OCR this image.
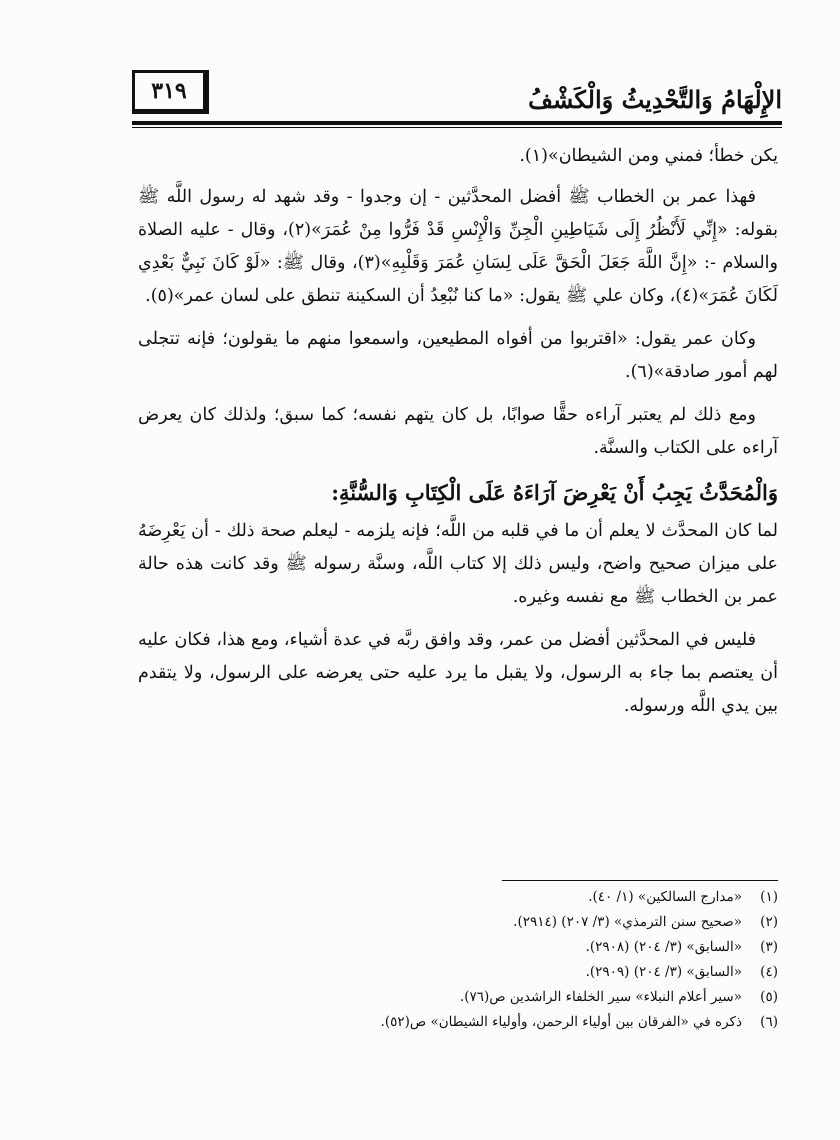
الإِلْهَامُ وَالتَّحْدِيثُ وَالْكَشْفُ
٣١٩

يكن خطأ؛ فمني ومن الشيطان»(١).

فهذا عمر بن الخطاب ﷺ أفضل المحدَّثين - إن وجدوا - وقد شهد له رسول اللَّه ﷺ بقوله: «إِنِّي لَأَنْظُرُ إِلَى شَيَاطِينِ الْجِنِّ وَالْإِنْسِ قَدْ فَرُّوا مِنْ عُمَرَ»(٢)، وقال - عليه الصلاة والسلام -: «إِنَّ اللَّهَ جَعَلَ الْحَقَّ عَلَى لِسَانِ عُمَرَ وَقَلْبِهِ»(٣)، وقال ﷺ: «لَوْ كَانَ نَبِيٌّ بَعْدِي لَكَانَ عُمَرَ»(٤)، وكان علي ﷺ يقول: «ما كنا نُبْعِدُ أن السكينة تنطق على لسان عمر»(٥).

وكان عمر يقول: «اقتربوا من أفواه المطيعين، واسمعوا منهم ما يقولون؛ فإنه تتجلى لهم أمور صادقة»(٦).

ومع ذلك لم يعتبر آراءه حقًّا صوابًا، بل كان يتهم نفسه؛ كما سبق؛ ولذلك كان يعرض آراءه على الكتاب والسنَّة.

وَالْمُحَدَّثُ يَجِبُ أَنْ يَعْرِضَ آرَاءَهُ عَلَى الْكِتَابِ وَالسُّنَّةِ:

لما كان المحدَّث لا يعلم أن ما في قلبه من اللَّه؛ فإنه يلزمه - ليعلم صحة ذلك - أن يَعْرِضَهُ على ميزان صحيح واضح، وليس ذلك إلا كتاب اللَّه، وسنَّة رسوله ﷺ وقد كانت هذه حالة عمر بن الخطاب ﷺ مع نفسه وغيره.

فليس في المحدَّثين أفضل من عمر، وقد وافق ربَّه في عدة أشياء، ومع هذا، فكان عليه أن يعتصم بما جاء به الرسول، ولا يقبل ما يرد عليه حتى يعرضه على الرسول، ولا يتقدم بين يدي اللَّه ورسوله.

(١)
«مدارج السالكين» (١/ ٤٠).
(٢)
«صحيح سنن الترمذي» (٣/ ٢٠٧) (٢٩١٤).
(٣)
«السابق» (٣/ ٢٠٤) (٢٩٠٨).
(٤)
«السابق» (٣/ ٢٠٤) (٢٩٠٩).
(٥)
«سير أعلام النبلاء» سير الخلفاء الراشدين ص(٧٦).
(٦)
ذكره في «الفرقان بين أولياء الرحمن، وأولياء الشيطان» ص(٥٢).
